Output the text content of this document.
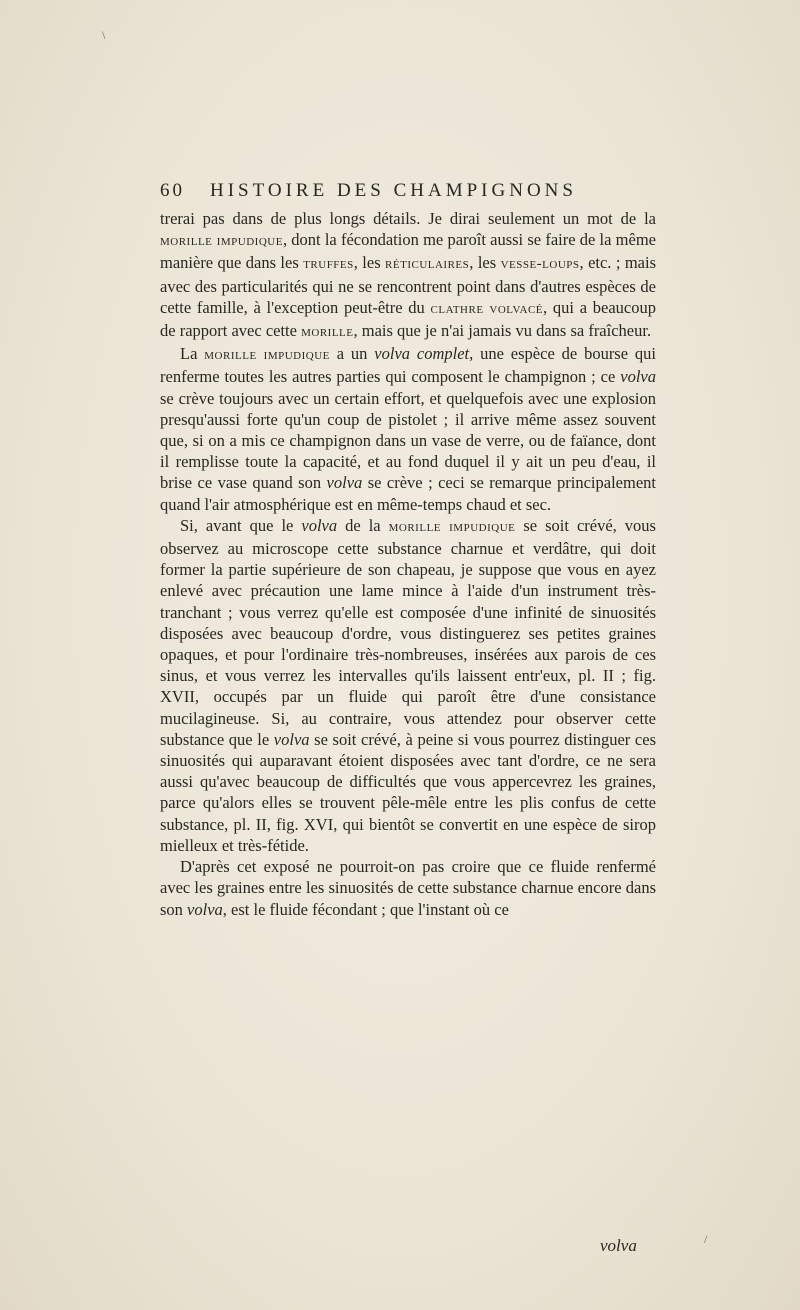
\
60 HISTOIRE DES CHAMPIGNONS

trerai pas dans de plus longs détails. Je dirai seulement un mot de la morille impudique, dont la fécondation me paroît aussi se faire de la même manière que dans les truffes, les réticulaires, les vesse-loups, etc. ; mais avec des particularités qui ne se rencontrent point dans d'autres espèces de cette famille, à l'exception peut-être du clathre volvacé, qui a beaucoup de rapport avec cette morille, mais que je n'ai jamais vu dans sa fraîcheur.

La morille impudique a un volva complet, une espèce de bourse qui renferme toutes les autres parties qui composent le champignon ; ce volva se crève toujours avec un certain effort, et quelquefois avec une explosion presqu'aussi forte qu'un coup de pistolet ; il arrive même assez souvent que, si on a mis ce champignon dans un vase de verre, ou de faïance, dont il remplisse toute la capacité, et au fond duquel il y ait un peu d'eau, il brise ce vase quand son volva se crève ; ceci se remarque principalement quand l'air atmosphérique est en même-temps chaud et sec.

Si, avant que le volva de la morille impudique se soit crévé, vous observez au microscope cette substance charnue et verdâtre, qui doit former la partie supérieure de son chapeau, je suppose que vous en ayez enlevé avec précaution une lame mince à l'aide d'un instrument très-tranchant ; vous verrez qu'elle est composée d'une infinité de sinuosités disposées avec beaucoup d'ordre, vous distinguerez ses petites graines opaques, et pour l'ordinaire très-nombreuses, insérées aux parois de ces sinus, et vous verrez les intervalles qu'ils laissent entr'eux, pl. II ; fig. XVII, occupés par un fluide qui paroît être d'une consistance mucilagineuse. Si, au contraire, vous attendez pour observer cette substance que le volva se soit crévé, à peine si vous pourrez distinguer ces sinuosités qui auparavant étoient disposées avec tant d'ordre, ce ne sera aussi qu'avec beaucoup de difficultés que vous appercevrez les graines, parce qu'alors elles se trouvent pêle-mêle entre les plis confus de cette substance, pl. II, fig. XVI, qui bientôt se convertit en une espèce de sirop mielleux et très-fétide.

D'après cet exposé ne pourroit-on pas croire que ce fluide renfermé avec les graines entre les sinuosités de cette substance charnue encore dans son volva, est le fluide fécondant ; que l'instant où ce

volva	/
